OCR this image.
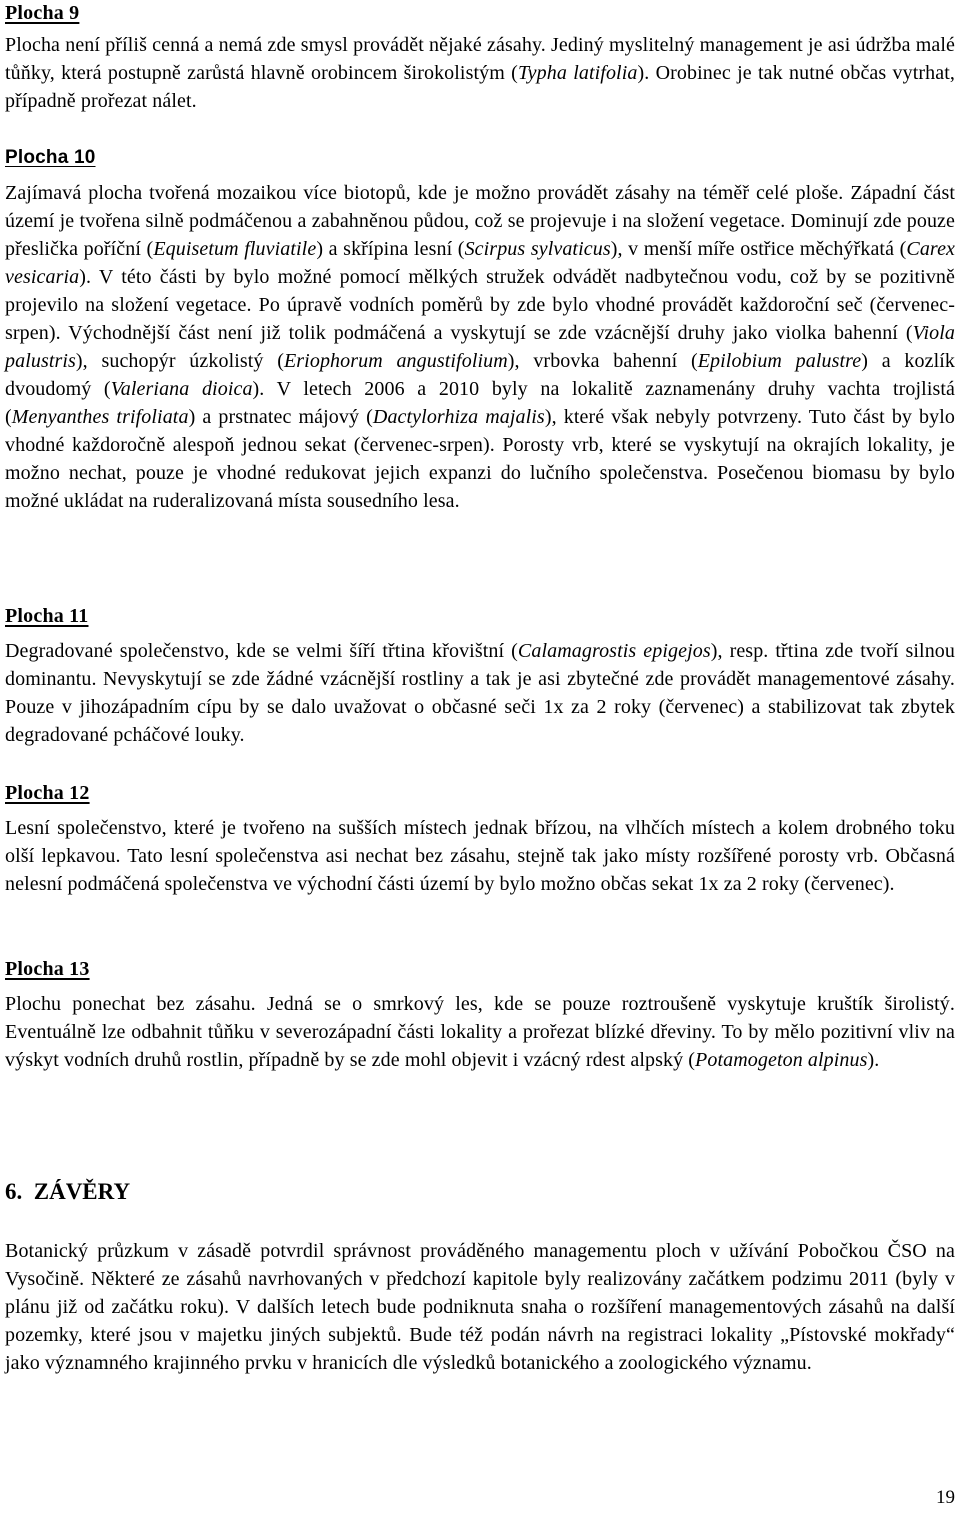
Plocha 9

Plocha není příliš cenná a nemá zde smysl provádět nějaké zásahy. Jediný myslitelný management je asi údržba malé tůňky, která postupně zarůstá hlavně orobincem širokolistým (Typha latifolia). Orobinec je tak nutné občas vytrhat, případně prořezat nálet.

Plocha 10

Zajímavá plocha tvořená mozaikou více biotopů, kde je možno provádět zásahy na téměř celé ploše. Západní část území je tvořena silně podmáčenou a zabahněnou půdou, což se projevuje i na složení vegetace. Dominují zde pouze přeslička poříční (Equisetum fluviatile) a skřípina lesní (Scirpus sylvaticus), v menší míře ostřice měchýřkatá (Carex vesicaria). V této části by bylo možné pomocí mělkých stružek odvádět nadbytečnou vodu, což by se pozitivně projevilo na složení vegetace. Po úpravě vodních poměrů by zde bylo vhodné provádět každoroční seč (červenec-srpen). Východnější část není již tolik podmáčená a vyskytují se zde vzácnější druhy jako violka bahenní (Viola palustris), suchopýr úzkolistý (Eriophorum angustifolium), vrbovka bahenní (Epilobium palustre) a kozlík dvoudomý (Valeriana dioica). V letech 2006 a 2010 byly na lokalitě zaznamenány druhy vachta trojlistá (Menyanthes trifoliata) a prstnatec májový (Dactylorhiza majalis), které však nebyly potvrzeny. Tuto část by bylo vhodné každoročně alespoň jednou sekat (červenec-srpen). Porosty vrb, které se vyskytují na okrajích lokality, je možno nechat, pouze je vhodné redukovat jejich expanzi do lučního společenstva. Posečenou biomasu by bylo možné ukládat na ruderalizovaná místa sousedního lesa.

Plocha 11

Degradované společenstvo, kde se velmi šíří třtina křovištní (Calamagrostis epigejos), resp. třtina zde tvoří silnou dominantu. Nevyskytují se zde žádné vzácnější rostliny a tak je asi zbytečné zde provádět managementové zásahy. Pouze v jihozápadním cípu by se dalo uvažovat o občasné seči 1x za 2 roky (červenec) a stabilizovat tak zbytek degradované pcháčové louky.

Plocha 12

Lesní společenstvo, které je tvořeno na sušších místech jednak břízou, na vlhčích místech a kolem drobného toku olší lepkavou. Tato lesní společenstva asi nechat bez zásahu, stejně tak jako místy rozšířené porosty vrb. Občasná nelesní podmáčená společenstva ve východní části území by bylo možno občas sekat 1x za 2 roky (červenec).

Plocha 13

Plochu ponechat bez zásahu. Jedná se o smrkový les, kde se pouze roztroušeně vyskytuje kruštík širolistý. Eventuálně lze odbahnit tůňku v severozápadní části lokality a prořezat blízké dřeviny. To by mělo pozitivní vliv na výskyt vodních druhů rostlin, případně by se zde mohl objevit i vzácný rdest alpský (Potamogeton alpinus).

6.  ZÁVĚRY

Botanický průzkum v zásadě potvrdil správnost prováděného managementu ploch v užívání Pobočkou ČSO na Vysočině. Některé ze zásahů navrhovaných v předchozí kapitole byly realizovány začátkem podzimu 2011 (byly v plánu již od začátku roku). V dalších letech bude podniknuta snaha o rozšíření managementových zásahů na další pozemky, které jsou v majetku jiných subjektů. Bude též podán návrh na registraci lokality „Pístovské mokřady“ jako významného krajinného prvku v hranicích dle výsledků botanického a zoologického významu.

19
